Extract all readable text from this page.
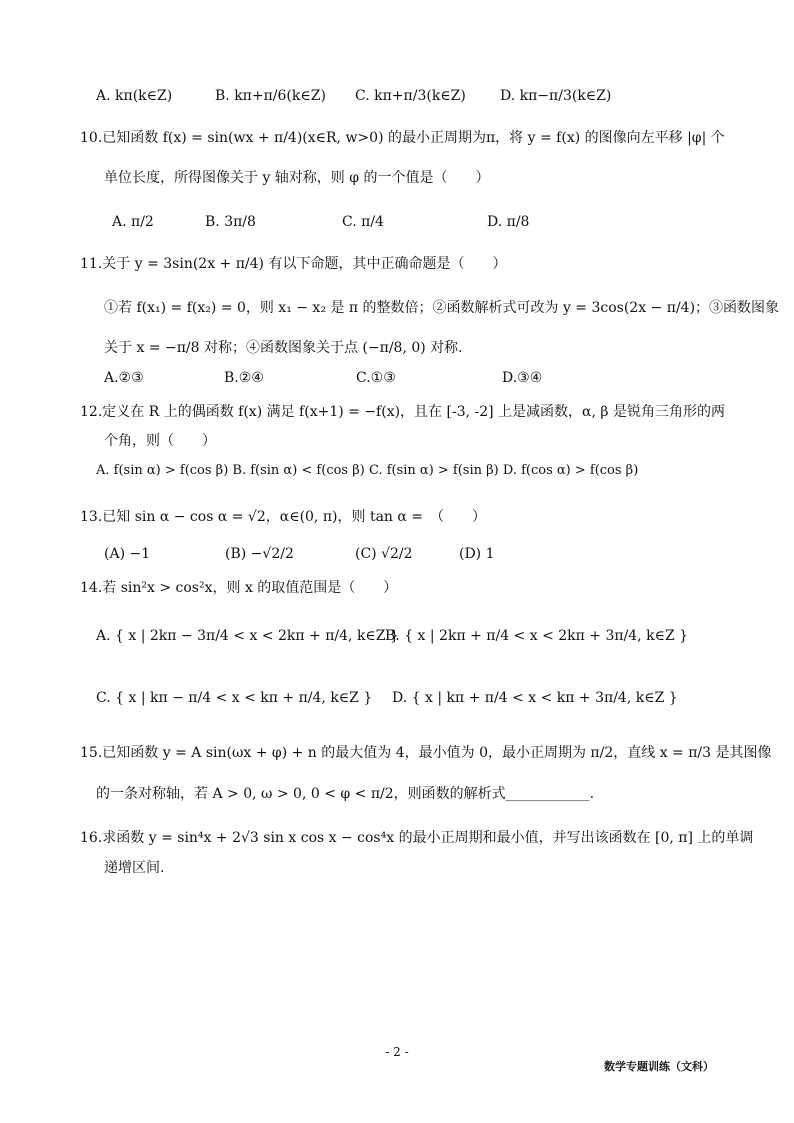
A. kπ(k∈Z)	B. kπ+π/6(k∈Z) C. kπ+π/3(k∈Z) D. kπ−π/3(k∈Z)
10.已知函数 f(x) = sin(wx + π/4)(x∈R, w>0) 的最小正周期为π，将 y = f(x) 的图像向左平移 |φ| 个
单位长度，所得图像关于 y 轴对称，则 φ 的一个值是（　　）
A. π/2	B. 3π/8	C. π/4	D. π/8
11.关于 y = 3sin(2x + π/4) 有以下命题，其中正确命题是（　　）
①若 f(x₁) = f(x₂) = 0，则 x₁ − x₂ 是 π 的整数倍；②函数解析式可改为 y = 3cos(2x − π/4)；③函数图象
关于 x = −π/8 对称；④函数图象关于点 (−π/8, 0) 对称.
A.②③	B.②④	C.①③	D.③④
12.定义在 R 上的偶函数 f(x) 满足 f(x+1) = −f(x)，且在 [-3, -2] 上是减函数，α, β 是锐角三角形的两
个角，则（　　）
A. f(sin α) > f(cos β) B. f(sin α) < f(cos β) C. f(sin α) > f(sin β) D. f(cos α) > f(cos β)
13.已知 sin α − cos α = √2，α∈(0, π)，则 tan α =　（　　）
(A) −1	(B) −√2/2	(C) √2/2	(D) 1
14.若 sin²x > cos²x，则 x 的取值范围是（　　）
A. { x | 2kπ − 3π/4 < x < 2kπ + π/4, k∈Z }
B. { x | 2kπ + π/4 < x < 2kπ + 3π/4, k∈Z }
C. { x | kπ − π/4 < x < kπ + π/4, k∈Z } D. { x | kπ + π/4 < x < kπ + 3π/4, k∈Z }
15.已知函数 y = A sin(ωx + φ) + n 的最大值为 4，最小值为 0，最小正周期为 π/2，直线 x = π/3 是其图像
的一条对称轴，若 A > 0, ω > 0, 0 < φ < π/2，则函数的解析式____________.
16.求函数 y = sin⁴x + 2√3 sin x cos x − cos⁴x 的最小正周期和最小值，并写出该函数在 [0, π] 上的单调
递增区间.
- 2 -
数学专题训练（文科）
